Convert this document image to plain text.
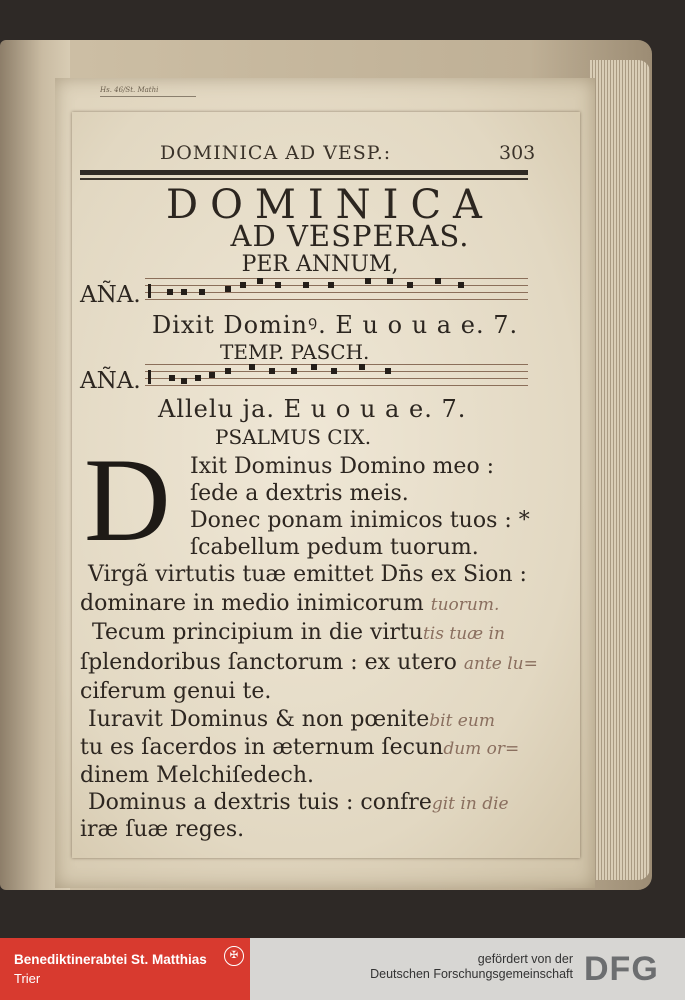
Hs. 46/St. Mathi
DOMINICA AD VESP.:	303
DOMINICA
AD VESPERAS.
PER ANNUM,
AÑA.
Dixit Dominꝰ. E u o u a e. 7.
TEMP. PASCH.
AÑA.
Allelu ja. E u o u a e. 7.
PSALMUS CIX.
D Ixit Dominus Domino meo :
ſede a dextris meis.
Donec ponam inimicos tuos : *
ſcabellum pedum tuorum.
Virgã virtutis tuæ emittet Dn̄s ex Sion :
dominare in medio inimicorum tuorum.
Tecum principium in die virtutis tuæ in
ſplendoribus ſanctorum : ex utero ante lu=
ciferum genui te.
Iuravit Dominus & non pœnitebit eum
tu es ſacerdos in æternum ſecundum or=
dinem Melchiſedech.
Dominus a dextris tuis : confregit in die
iræ ſuæ reges.
Benediktinerabtei St. Matthias
Trier
✠	gefördert von der
Deutschen Forschungsgemeinschaft DFG
